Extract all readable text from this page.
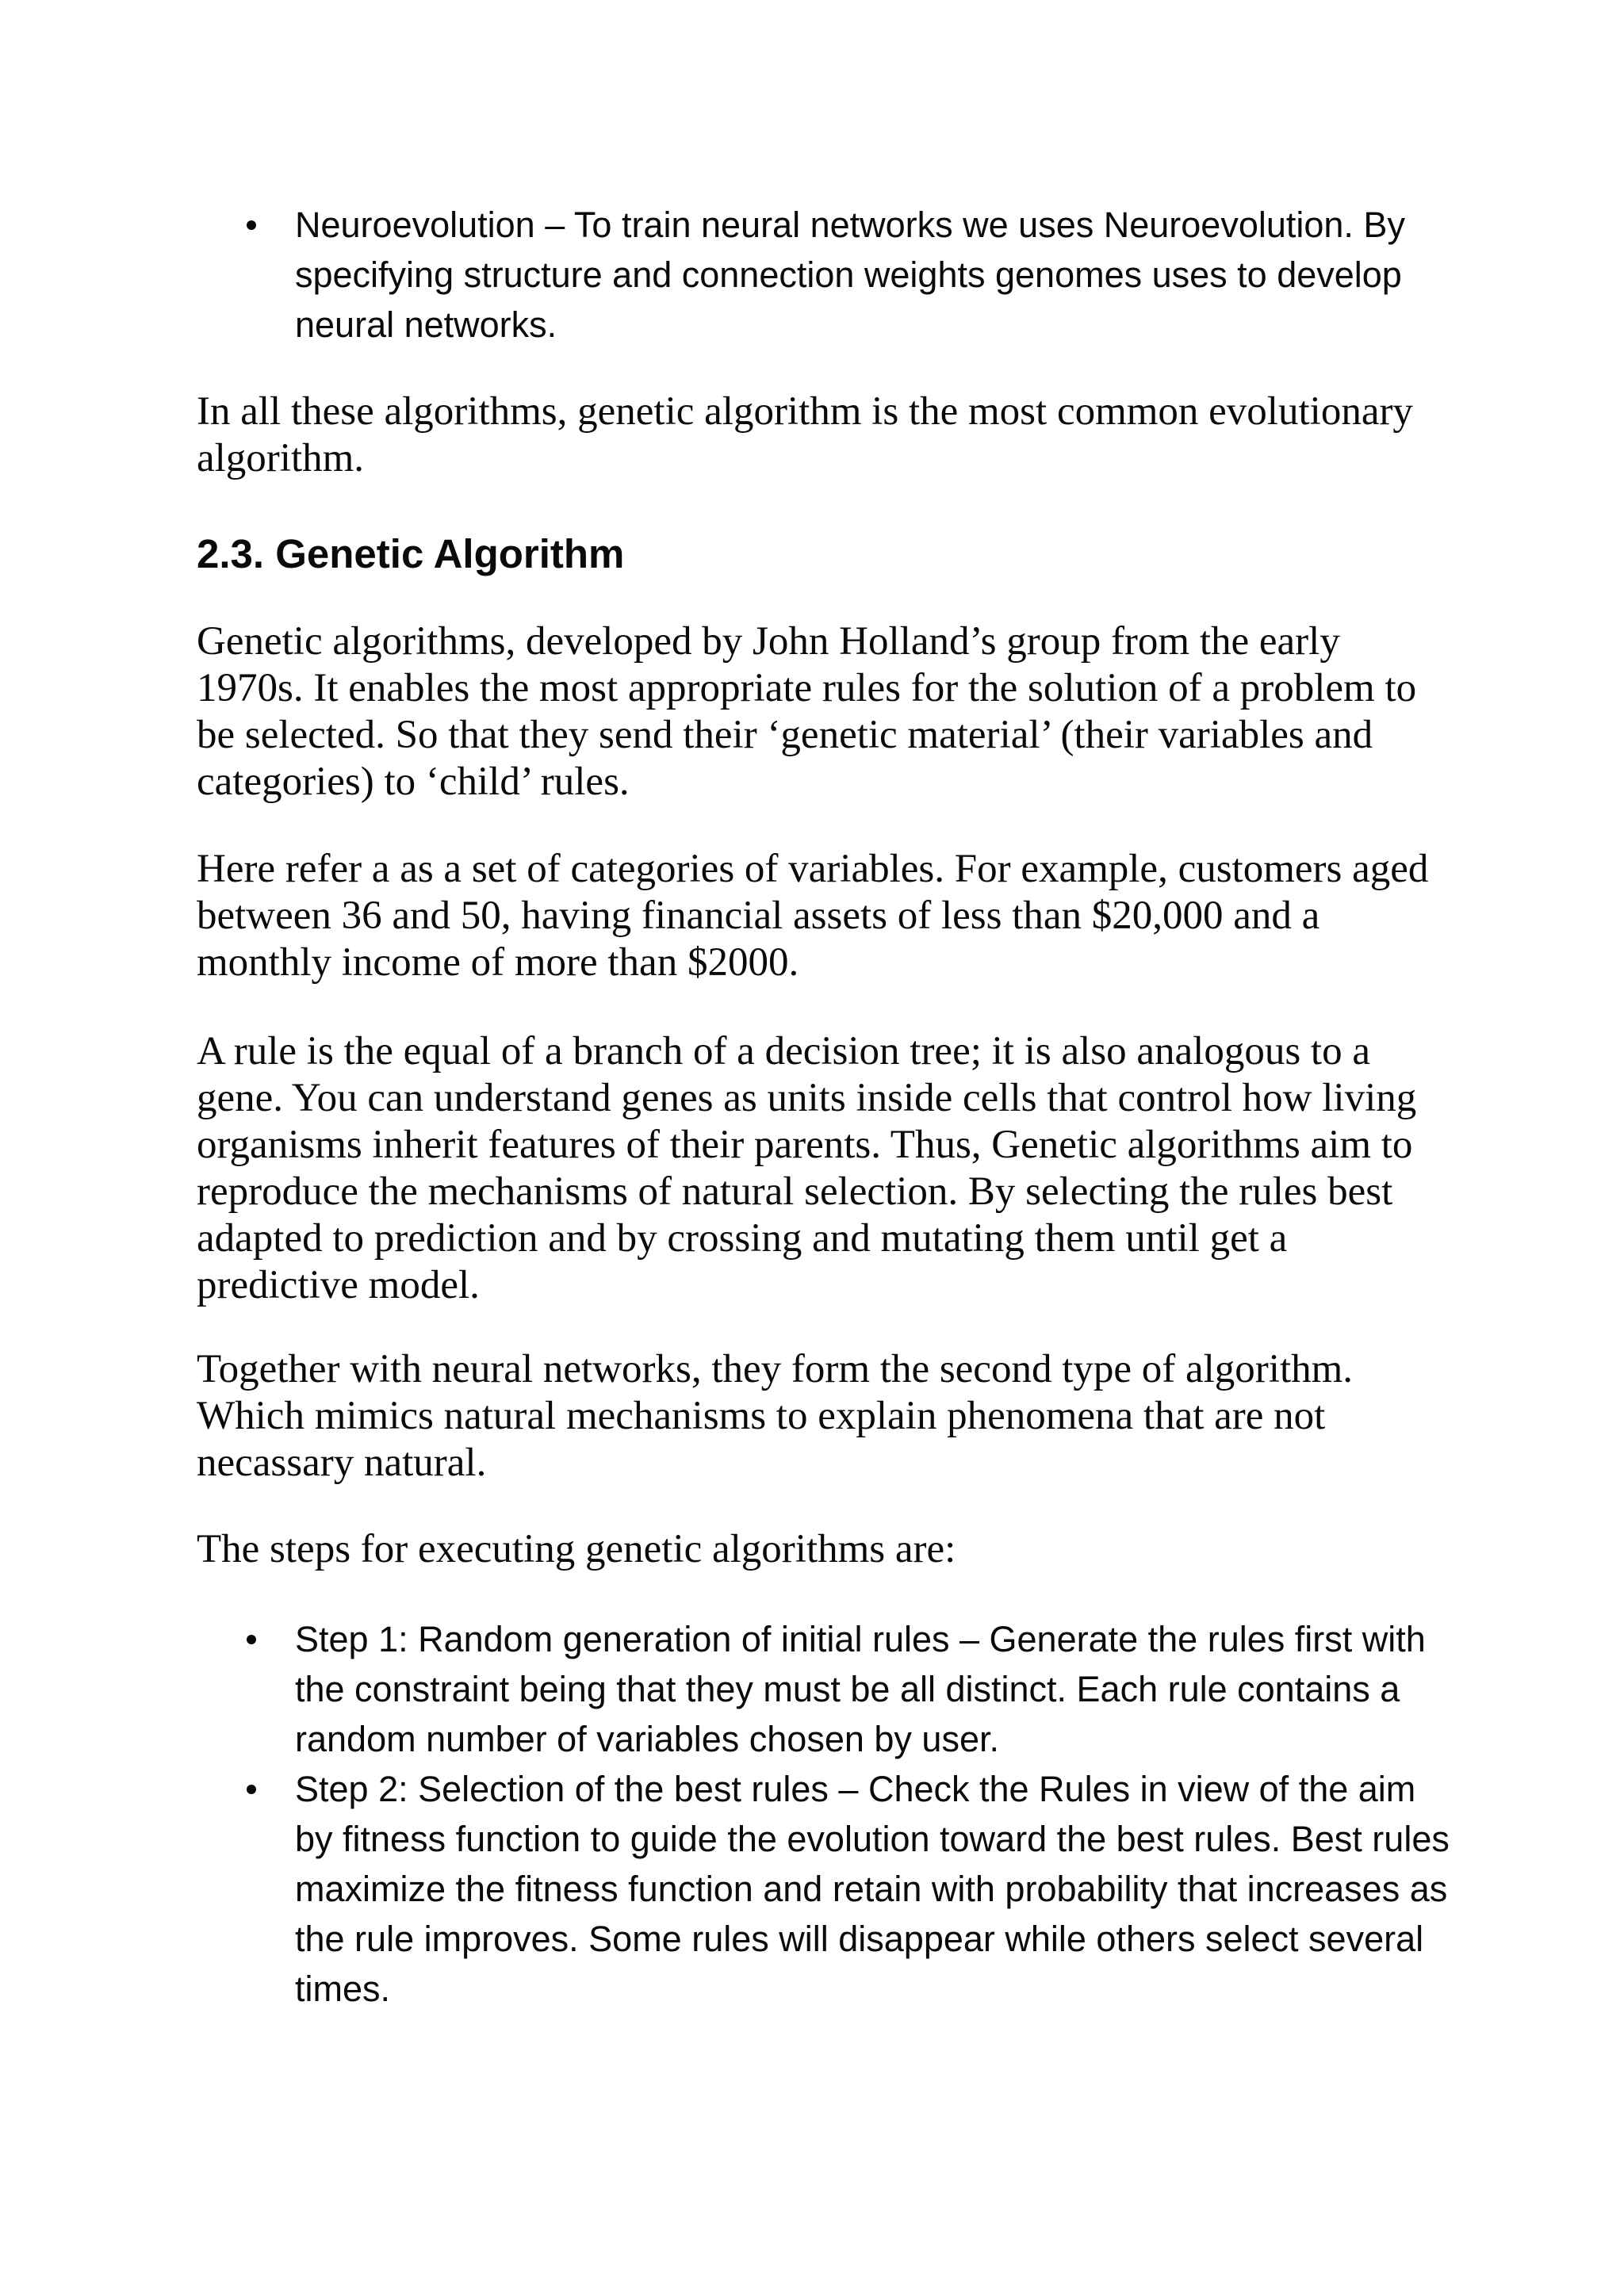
Neuroevolution – To train neural networks we uses Neuroevolution. By specifying structure and connection weights genomes uses to develop neural networks.

In all these algorithms, genetic algorithm is the most common evolutionary algorithm.

2.3. Genetic Algorithm

Genetic algorithms, developed by John Holland’s group from the early 1970s. It enables the most appropriate rules for the solution of a problem to be selected. So that they send their ‘genetic material’ (their variables and categories) to ‘child’ rules.

Here refer a as a set of categories of variables. For example, customers aged between 36 and 50, having financial assets of less than $20,000 and a monthly income of more than $2000.

A rule is the equal of a branch of a decision tree; it is also analogous to a gene. You can understand genes as units inside cells that control how living organisms inherit features of their parents. Thus, Genetic algorithms aim to reproduce the mechanisms of natural selection. By selecting the rules best adapted to prediction and by crossing and mutating them until get a predictive model.

Together with neural networks, they form the second type of algorithm. Which mimics natural mechanisms to explain phenomena that are not necassary natural.

The steps for executing genetic algorithms are:

Step 1: Random generation of initial rules – Generate the rules first with the constraint being that they must be all distinct. Each rule contains a random number of variables chosen by user.
Step 2: Selection of the best rules – Check the Rules in view of the aim by fitness function to guide the evolution toward the best rules. Best rules maximize the fitness function and retain with probability that increases as the rule improves. Some rules will disappear while others select several times.
